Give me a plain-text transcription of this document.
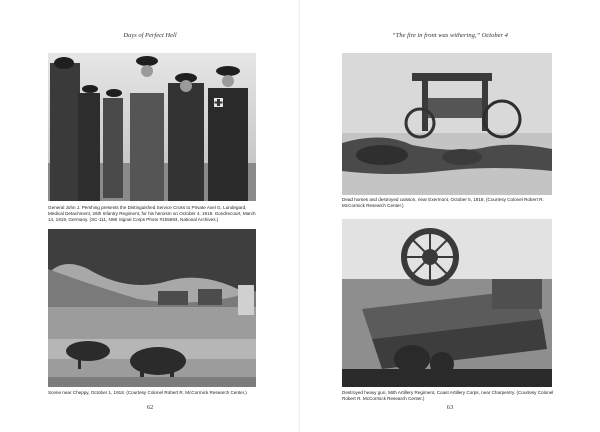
Days of Perfect Hell
General John J. Pershing presents the Distinguished Service Cross to Private Axel G. Lundegard, Medical Detachment, 26th Infantry Regiment, for his heroism on October 4, 1918. Gondrecourt, March 14, 1919, Germany. (SC-111, NWI Signal Corps Photo #155693, National Archives.)
Scene near Cheppy, October 1, 1918. (Courtesy Colonel Robert R. McCormick Research Center.)
62
“The fire in front was withering,” October 4
Dead horses and destroyed caisson, near Exermont, October 5, 1918. (Courtesy Colonel Robert R. McCormick Research Center.)
Destroyed heavy gun, 56th Artillery Regiment, Coast Artillery Corps, near Charpentry. (Courtesy Colonel Robert R. McCormick Research Center.)
63
